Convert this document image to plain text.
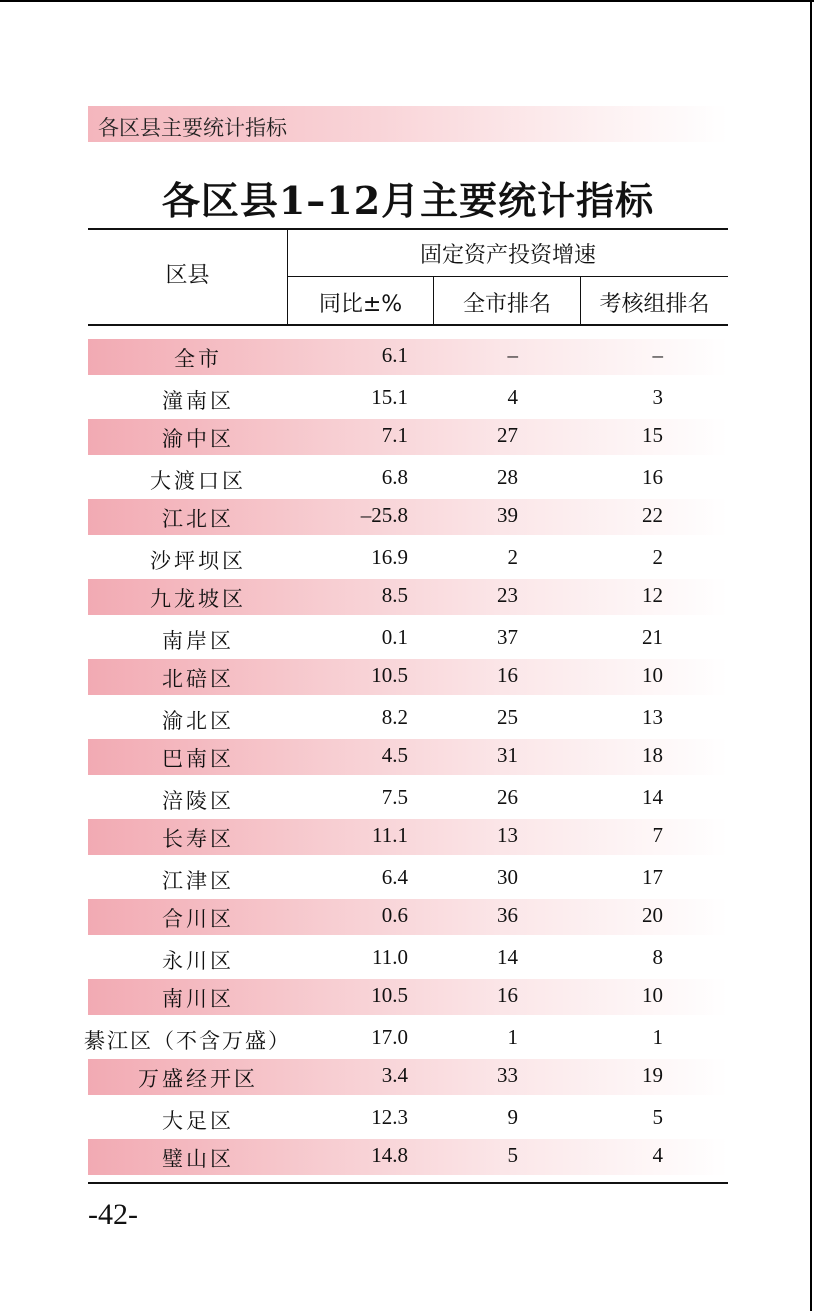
各区县主要统计指标
各区县1–12月主要统计指标
区县
固定资产投资增速
同比±%	全市排名	考核组排名
全市	6.1	–	–
潼南区	15.1	4	3
渝中区	7.1	27	15
大渡口区	6.8	28	16
江北区	–25.8	39	22
沙坪坝区	16.9	2	2
九龙坡区	8.5	23	12
南岸区	0.1	37	21
北碚区	10.5	16	10
渝北区	8.2	25	13
巴南区	4.5	31	18
涪陵区	7.5	26	14
长寿区	11.1	13	7
江津区	6.4	30	17
合川区	0.6	36	20
永川区	11.0	14	8
南川区	10.5	16	10
綦江区（不含万盛）	17.0	1	1
万盛经开区	3.4	33	19
大足区	12.3	9	5
璧山区	14.8	5	4
-42-
